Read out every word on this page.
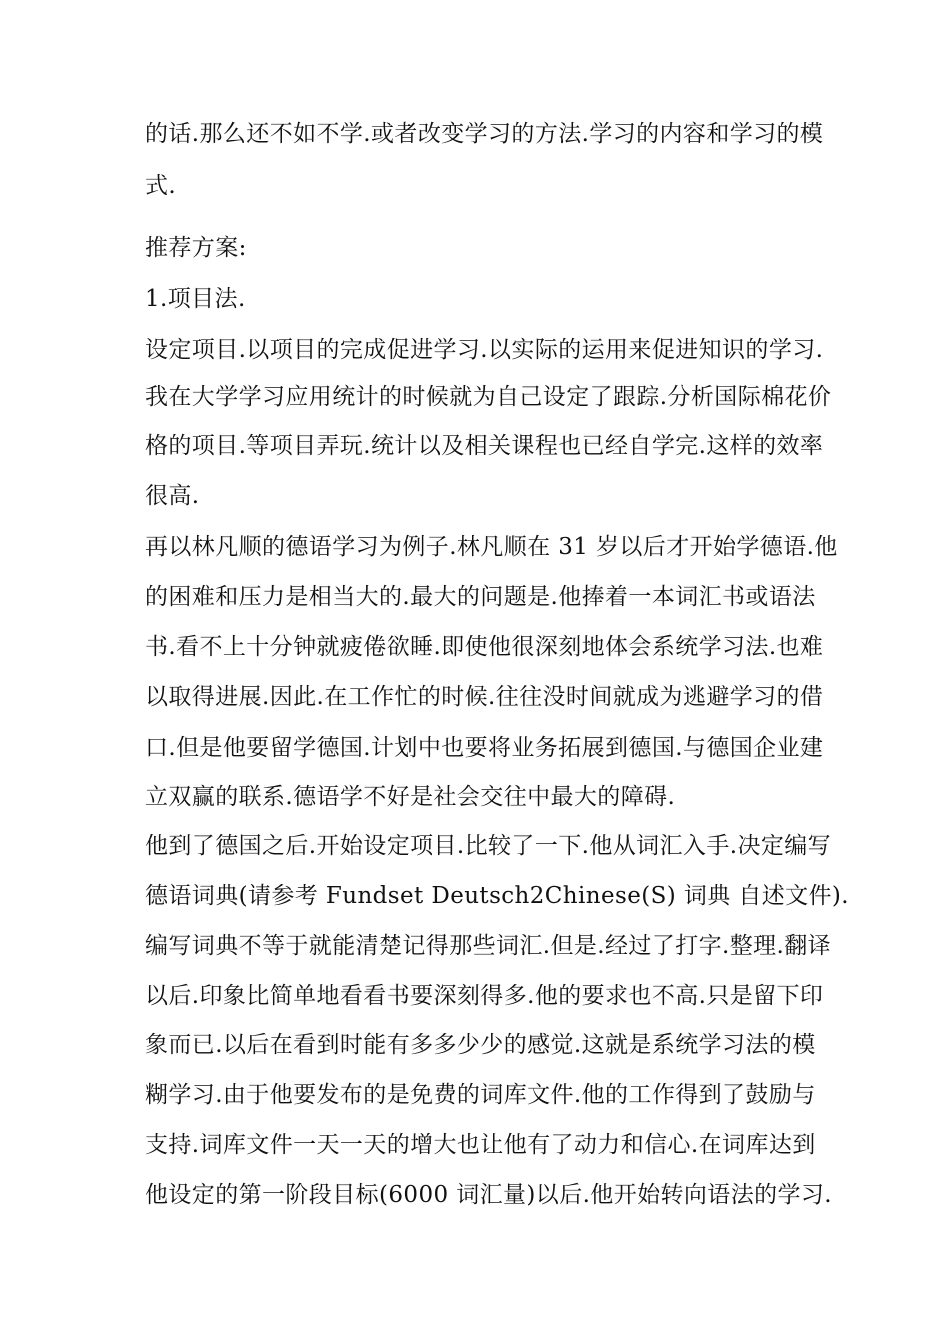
的话.那么还不如不学.或者改变学习的方法.学习的内容和学习的模
式.
推荐方案:
1.项目法.
设定项目.以项目的完成促进学习.以实际的运用来促进知识的学习.
我在大学学习应用统计的时候就为自己设定了跟踪.分析国际棉花价
格的项目.等项目弄玩.统计以及相关课程也已经自学完.这样的效率
很高.
再以林凡顺的德语学习为例子.林凡顺在 31 岁以后才开始学德语.他
的困难和压力是相当大的.最大的问题是.他捧着一本词汇书或语法
书.看不上十分钟就疲倦欲睡.即使他很深刻地体会系统学习法.也难
以取得进展.因此.在工作忙的时候.往往没时间就成为逃避学习的借
口.但是他要留学德国.计划中也要将业务拓展到德国.与德国企业建
立双赢的联系.德语学不好是社会交往中最大的障碍.
他到了德国之后.开始设定项目.比较了一下.他从词汇入手.决定编写
德语词典(请参考 Fundset Deutsch2Chinese(S) 词典 自述文件).
编写词典不等于就能清楚记得那些词汇.但是.经过了打字.整理.翻译
以后.印象比简单地看看书要深刻得多.他的要求也不高.只是留下印
象而已.以后在看到时能有多多少少的感觉.这就是系统学习法的模
糊学习.由于他要发布的是免费的词库文件.他的工作得到了鼓励与
支持.词库文件一天一天的增大也让他有了动力和信心.在词库达到
他设定的第一阶段目标(6000 词汇量)以后.他开始转向语法的学习.
